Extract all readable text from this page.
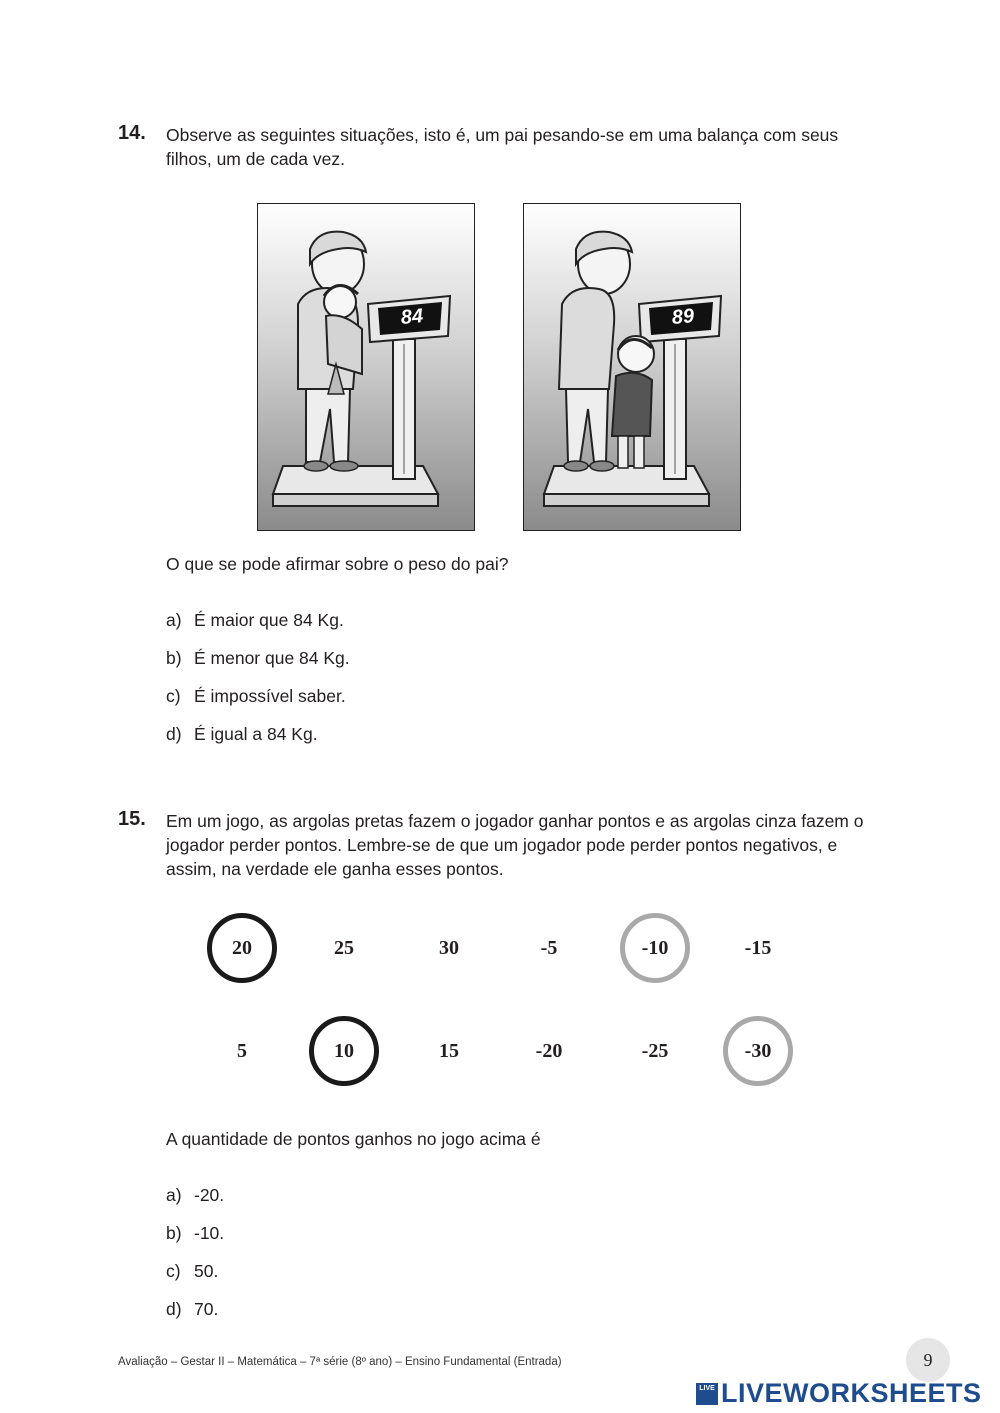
14. Observe as seguintes situações, isto é, um pai pesando-se em uma balança com seus filhos, um de cada vez.
84	89
O que se pode afirmar sobre o peso do pai?
a) É maior que 84 Kg.
b) É menor que 84 Kg.
c) É impossível saber.
d) É igual a 84 Kg.
15. Em um jogo, as argolas pretas fazem o jogador ganhar pontos e as argolas cinza fazem o jogador perder pontos. Lembre-se de que um jogador pode perder pontos negativos, e assim, na verdade ele ganha esses pontos.
20	25	30	-5	-10	-15
5	10	15	-20	-25	-30
A quantidade de pontos ganhos no jogo acima é
a) -20.
b) -10.
c) 50.
d) 70.
Avaliação – Gestar II – Matemática – 7ª série (8º ano) – Ensino Fundamental (Entrada)	9
LIVE LIVEWORKSHEETS
